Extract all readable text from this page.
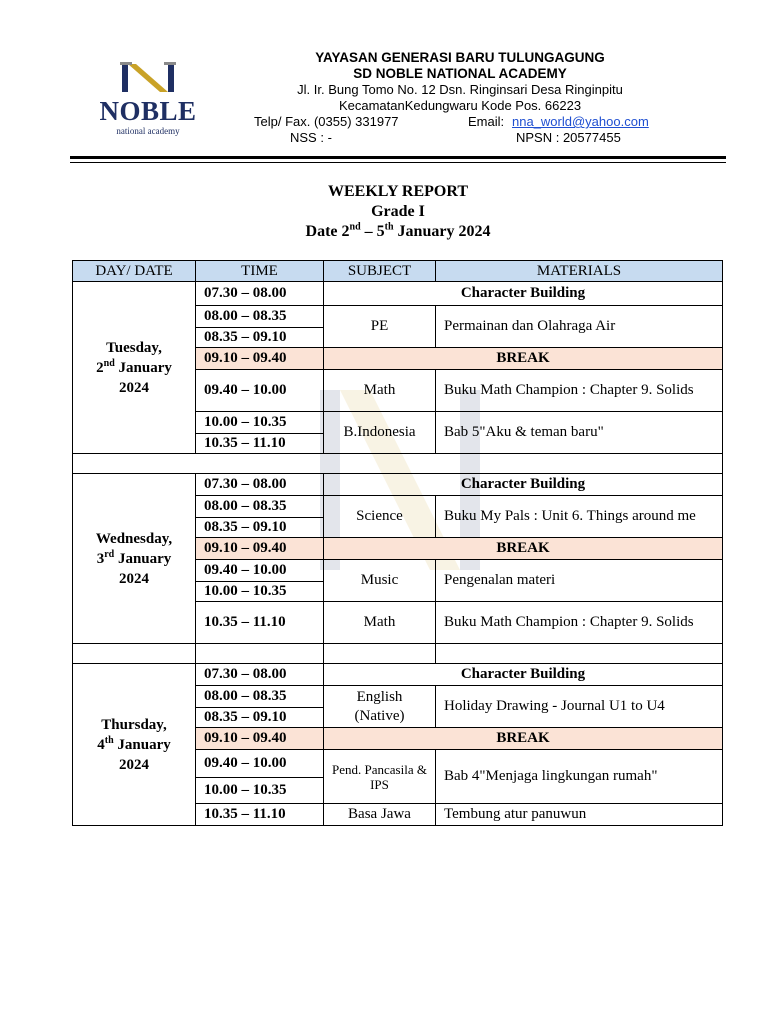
NOBLE
national academy
YAYASAN GENERASI BARU TULUNGAGUNG
SD NOBLE NATIONAL ACADEMY
Jl. Ir. Bung Tomo No. 12 Dsn. Ringinsari Desa Ringinpitu
KecamatanKedungwaru Kode Pos. 66223
Telp/ Fax. (0355) 331977	Email: nna_world@yahoo.com
NSS : -	NPSN : 20577455
WEEKLY REPORT
Grade I
Date 2nd – 5th January 2024
DAY/ DATE	TIME	SUBJECT	MATERIALS
Tuesday,
2nd January
2024	07.30 – 08.00	Character Building	
	08.00 – 08.35	PE	Permainan dan Olahraga Air
	08.35 – 09.10		
	09.10 – 09.40	BREAK	
	09.40 – 10.00	Math	Buku Math Champion : Chapter 9. Solids
	10.00 – 10.35	B.Indonesia	Bab 5"Aku & teman baru"
	10.35 – 11.10		

Wednesday,
3rd January
2024	07.30 – 08.00	Character Building	
	08.00 – 08.35	Science	Buku My Pals : Unit 6. Things around me
	08.35 – 09.10		
	09.10 – 09.40	BREAK	
	09.40 – 10.00	Music	Pengenalan materi
	10.00 – 10.35		
	10.35 – 11.10	Math	Buku Math Champion : Chapter 9. Solids

Thursday,
4th January
2024	07.30 – 08.00	Character Building	
	08.00 – 08.35	English (Native)	Holiday Drawing - Journal U1 to U4
	08.35 – 09.10		
	09.10 – 09.40	BREAK	
	09.40 – 10.00	Pend. Pancasila & IPS	Bab 4"Menjaga lingkungan rumah"
	10.00 – 10.35		
	10.35 – 11.10	Basa Jawa	Tembung atur panuwun
